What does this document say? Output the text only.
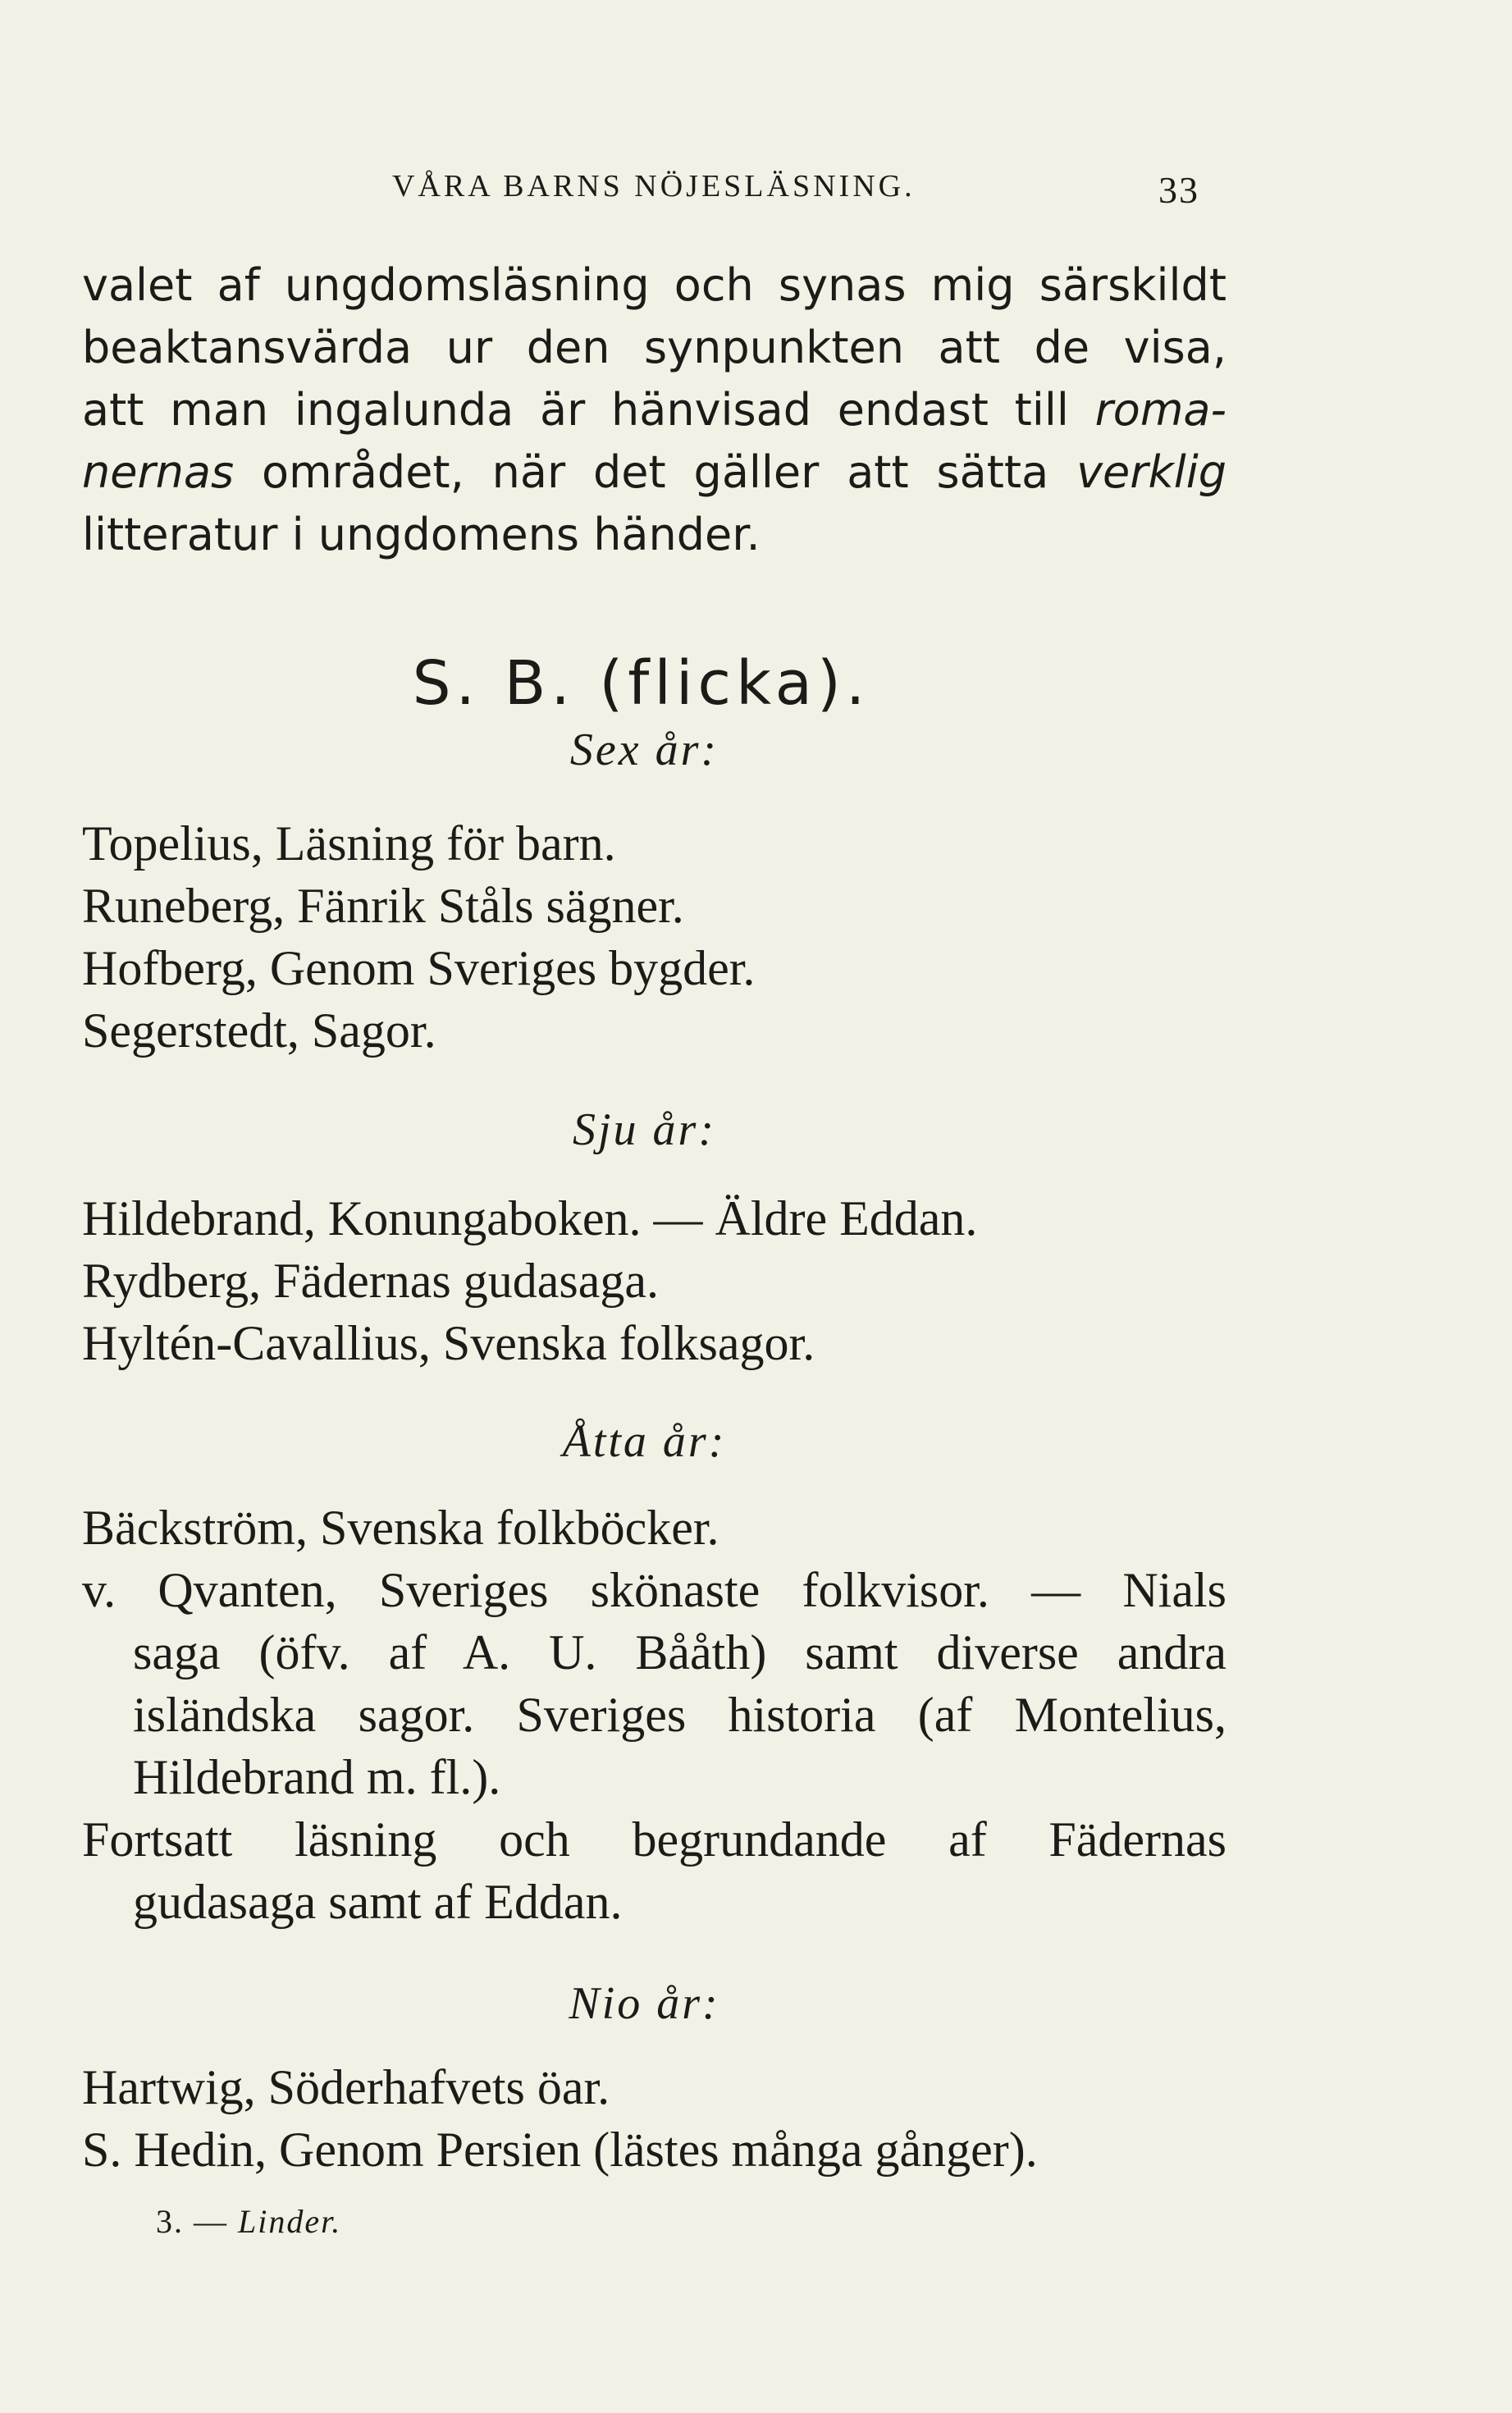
VÅRA BARNS NÖJESLÄSNING.	33
valet af ungdomsläsning och synas mig särskildt
beaktansvärda ur den synpunkten att de visa,
att man ingalunda är hänvisad endast till roma-
nernas området, när det gäller att sätta verklig
litteratur i ungdomens händer.
S. B. (flicka).
Sex år:
Topelius, Läsning för barn.
Runeberg, Fänrik Ståls sägner.
Hofberg, Genom Sveriges bygder.
Segerstedt, Sagor.
Sju år:
Hildebrand, Konungaboken. — Äldre Eddan.
Rydberg, Fädernas gudasaga.
Hyltén-Cavallius, Svenska folksagor.
Åtta år:
Bäckström, Svenska folkböcker.
v. Qvanten, Sveriges skönaste folkvisor. — Nials
saga (öfv. af A. U. Bååth) samt diverse andra
isländska sagor. Sveriges historia (af Montelius,
Hildebrand m. fl.).
Fortsatt läsning och begrundande af Fädernas
gudasaga samt af Eddan.
Nio år:
Hartwig, Söderhafvets öar.
S. Hedin, Genom Persien (lästes många gånger).
3. — Linder.
